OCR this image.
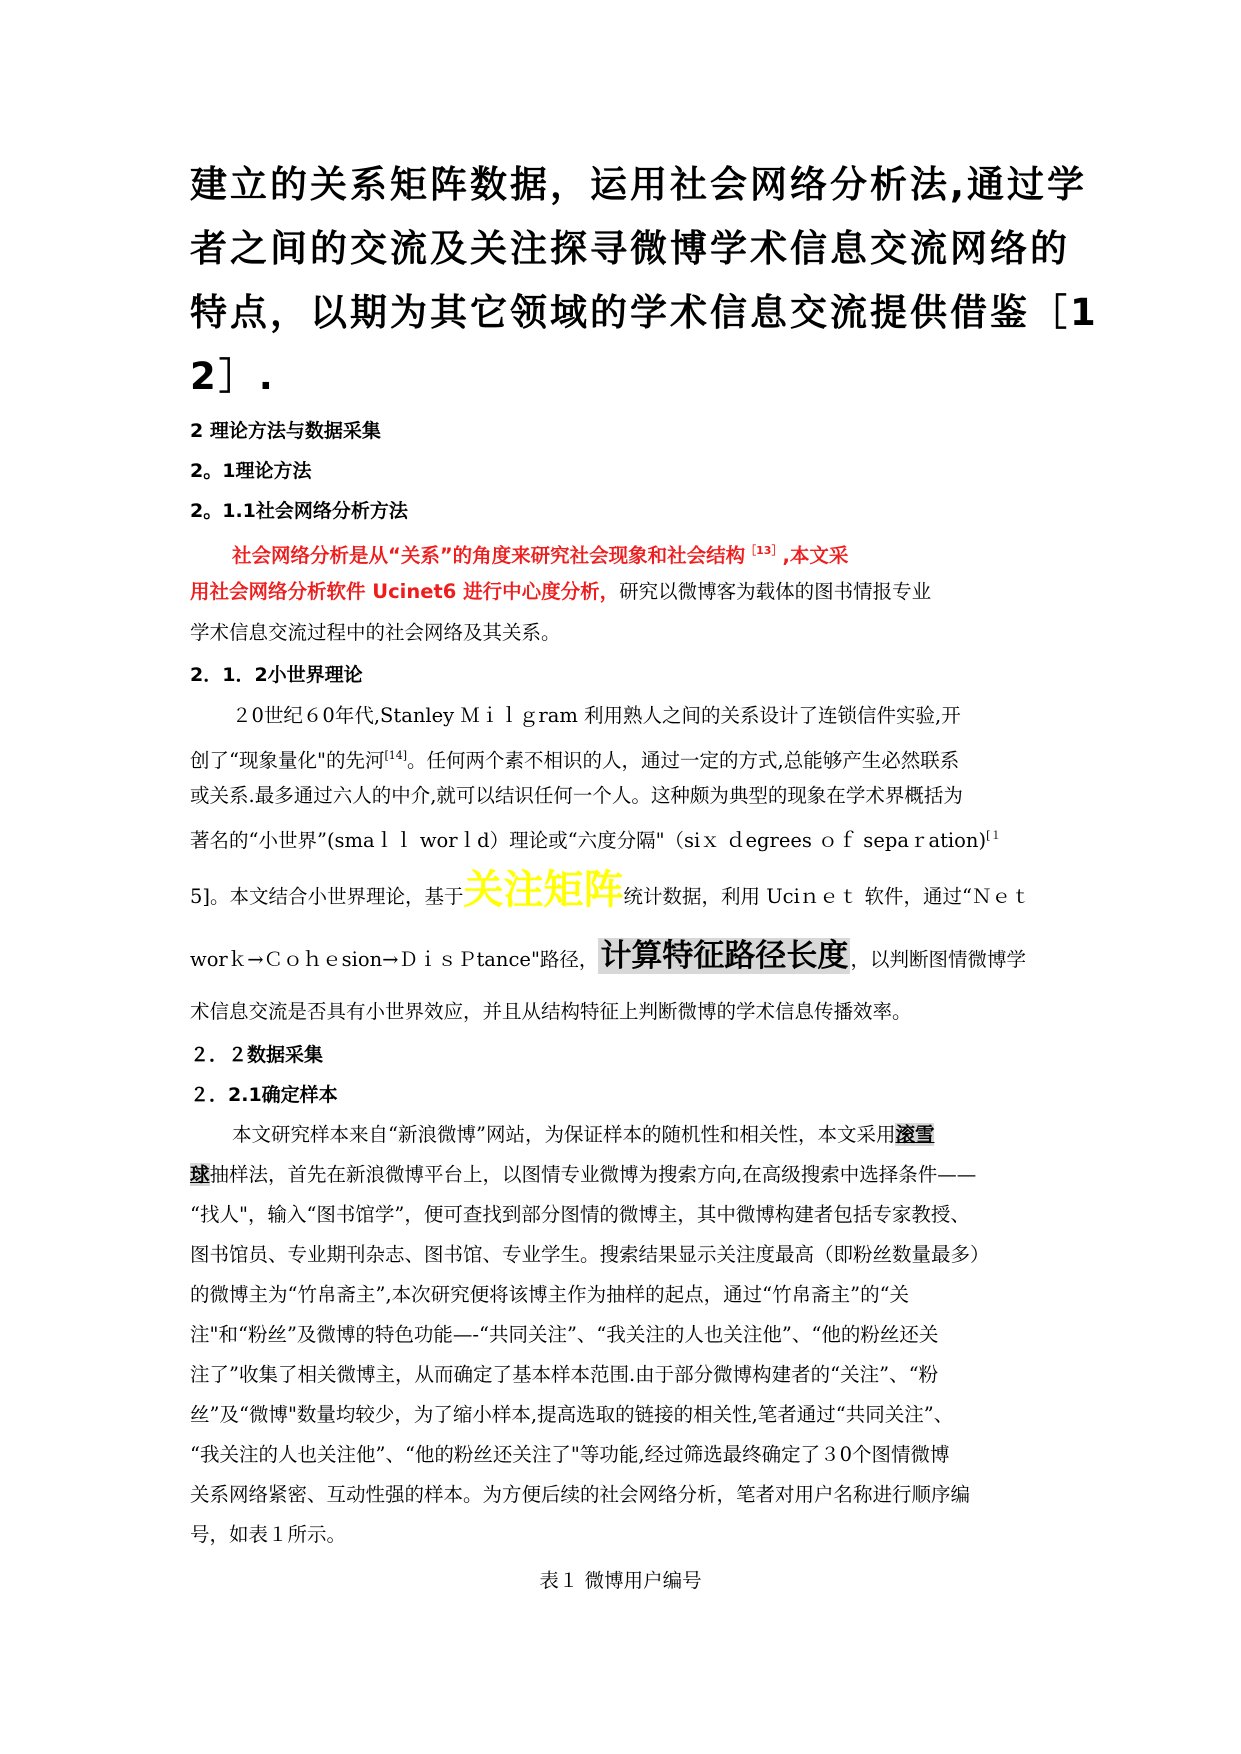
建立的关系矩阵数据，运用社会网络分析法,通过学
者之间的交流及关注探寻微博学术信息交流网络的
特点，以期为其它领域的学术信息交流提供借鉴［1
2］.
2 理论方法与数据采集
2。1理论方法
2。1.1社会网络分析方法
社会网络分析是从“关系”的角度来研究社会现象和社会结构$^{[13]}$,本文采
用社会网络分析软件 Ucinet6 进行中心度分析，研究以微博客为载体的图书情报专业
学术信息交流过程中的社会网络及其关系。
2．1．2小世界理论
２0世纪６0年代,Stanley Ｍｉｌｇram 利用熟人之间的关系设计了连锁信件实验,开
创了“现象量化"的先河[14]。任何两个素不相识的人，通过一定的方式,总能够产生必然联系
或关系.最多通过六人的中介,就可以结识任何一个人。这种颇为典型的现象在学术界概括为
著名的“小世界”(smaｌｌ worｌd）理论或“六度分隔"（siｘ ｄegrees ｏｆ sepaｒation)$^{[1}$
5]。本文结合小世界理论，基于关注矩阵统计数据，利用 Uciｎｅｔ 软件，通过“Ｎｅｔ
worｋ→Ｃｏｈｅsion→ＤｉｓＰtance"路径，计算特征路径长度 ，以判断图情微博学
术信息交流是否具有小世界效应，并且从结构特征上判断微博的学术信息传播效率。
２．２数据采集
２．2.1确定样本
本文研究样本来自“新浪微博”网站，为保证样本的随机性和相关性，本文采用滚雪
球抽样法，首先在新浪微博平台上，以图情专业微博为搜索方向,在高级搜索中选择条件——
“找人"，输入“图书馆学”，便可查找到部分图情的微博主，其中微博构建者包括专家教授、
图书馆员、专业期刊杂志、图书馆、专业学生。搜索结果显示关注度最高（即粉丝数量最多）
的微博主为“竹帛斋主”,本次研究便将该博主作为抽样的起点，通过“竹帛斋主”的“关
注"和“粉丝”及微博的特色功能—-“共同关注”、“我关注的人也关注他”、“他的粉丝还关
注了”收集了相关微博主，从而确定了基本样本范围.由于部分微博构建者的“关注”、“粉
丝”及“微博"数量均较少，为了缩小样本,提高选取的链接的相关性,笔者通过“共同关注”、
“我关注的人也关注他”、“他的粉丝还关注了"等功能,经过筛选最终确定了３0个图情微博
关系网络紧密、互动性强的样本。为方便后续的社会网络分析，笔者对用户名称进行顺序编
号，如表１所示。
表１ 微博用户编号
